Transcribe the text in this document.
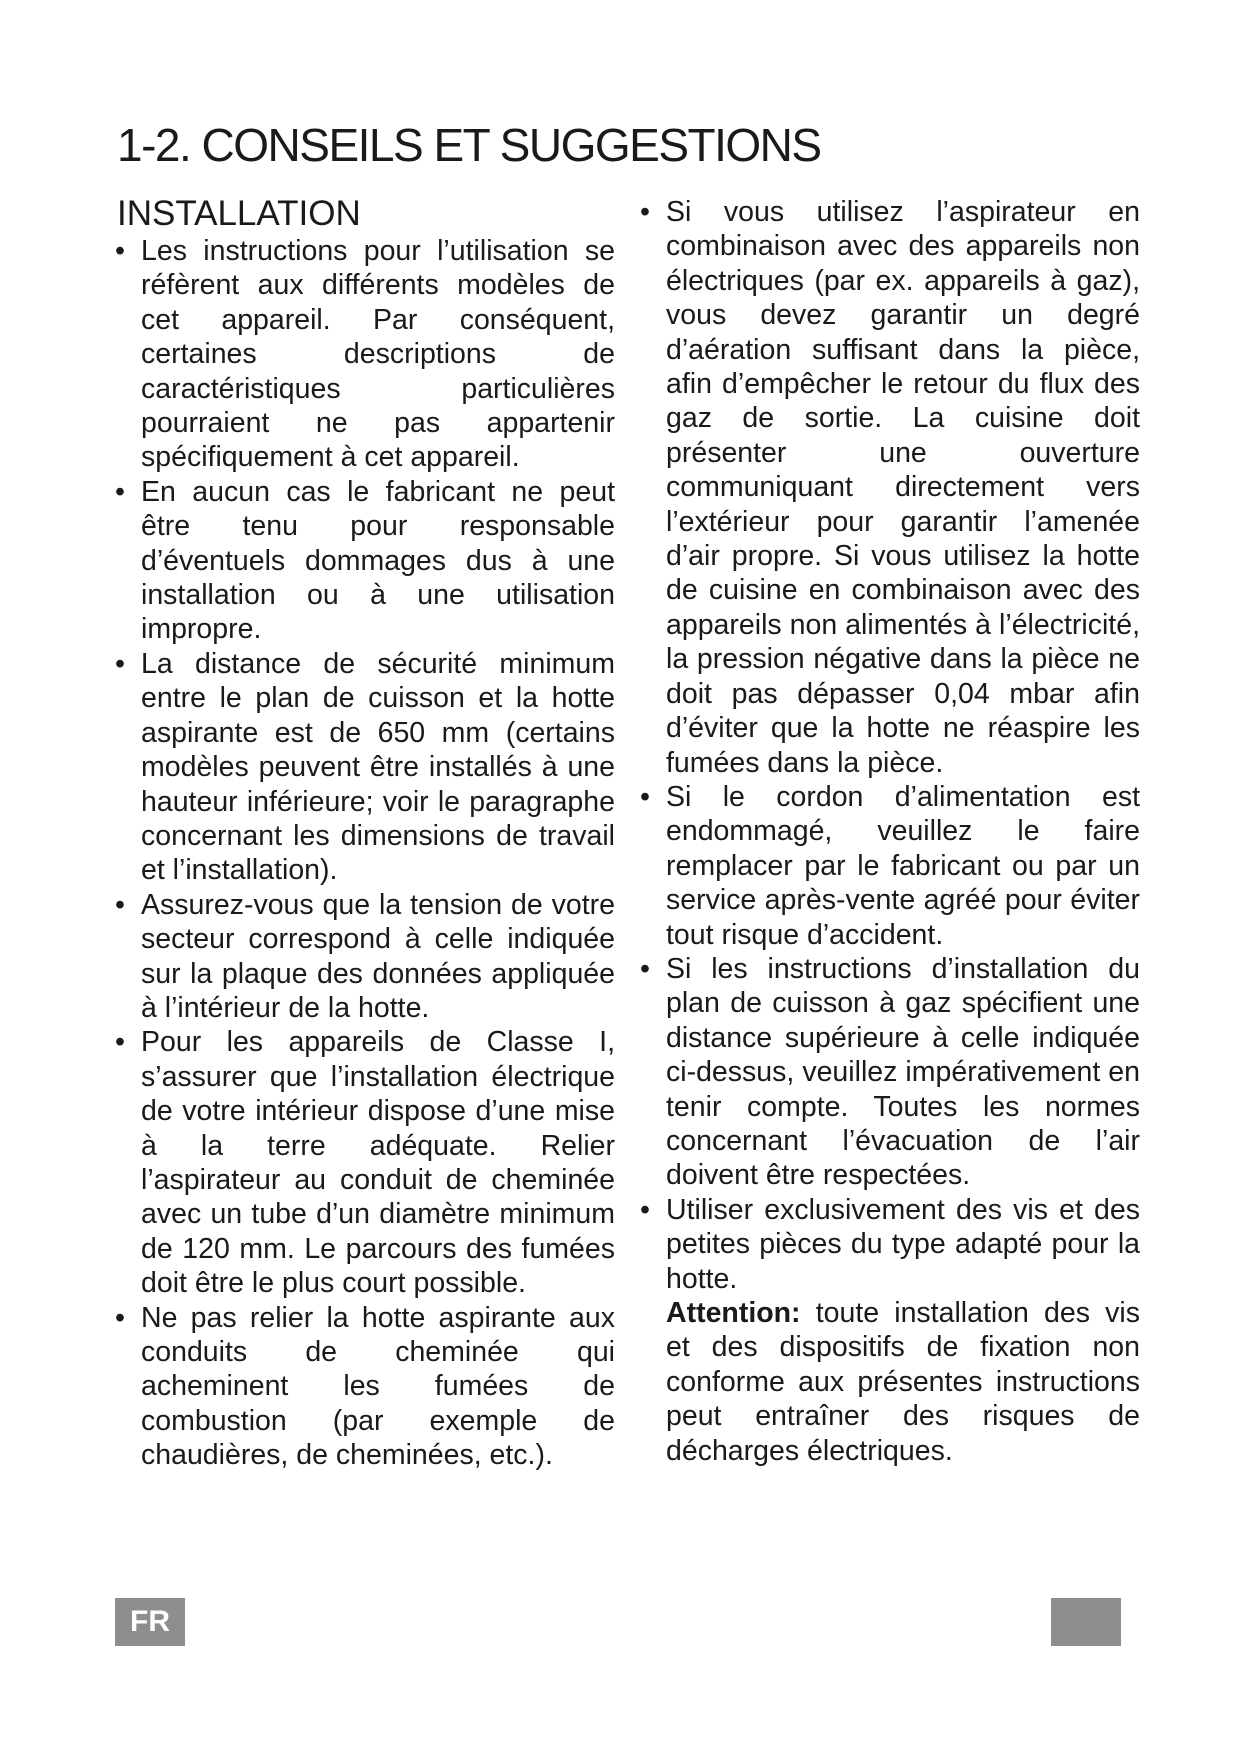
1-2. CONSEILS ET SUGGESTIONS
INSTALLATION
• Les instructions pour l’utilisation se réfèrent aux différents modèles de cet appareil. Par conséquent, certaines descriptions de caractéristiques particulières pourraient ne pas appartenir spécifiquement à cet appareil.
• En aucun cas le fabricant ne peut être tenu pour responsable d’éventuels dommages dus à une installation ou à une utilisation impropre.
• La distance de sécurité minimum entre le plan de cuisson et la hotte aspirante est de 650 mm (certains modèles peuvent être installés à une hauteur inférieure; voir le paragraphe concernant les dimensions de travail et l’installation).
• Assurez-vous que la tension de votre secteur correspond à celle indiquée sur la plaque des données appliquée à l’intérieur de la hotte.
• Pour les appareils de Classe I, s’assurer que l’installation électrique de votre intérieur dispose d’une mise à la terre adéquate. Relier l’aspirateur au conduit de cheminée avec un tube d’un diamètre minimum de 120 mm. Le parcours des fumées doit être le plus court possible.
• Ne pas relier la hotte aspirante aux conduits de cheminée qui acheminent les fumées de combustion (par exemple de chaudières, de cheminées, etc.).
• Si vous utilisez l’aspirateur en combinaison avec des appareils non électriques (par ex. appareils à gaz), vous devez garantir un degré d’aération suffisant dans la pièce, afin d’empêcher le retour du flux des gaz de sortie. La cuisine doit présenter une ouverture communiquant directement vers l’extérieur pour garantir l’amenée d’air propre. Si vous utilisez la hotte de cuisine en combinaison avec des appareils non alimentés à l’électricité, la pression négative dans la pièce ne doit pas dépasser 0,04 mbar afin d’éviter que la hotte ne réaspire les fumées dans la pièce.
• Si le cordon d’alimentation est endommagé, veuillez le faire remplacer par le fabricant ou par un service après-vente agréé pour éviter tout risque d’accident.
• Si les instructions d’installation du plan de cuisson à gaz spécifient une distance supérieure à celle indiquée ci-dessus, veuillez impérativement en tenir compte. Toutes les normes concernant l’évacuation de l’air doivent être respectées.
• Utiliser exclusivement des vis et des petites pièces du type adapté pour la hotte.
Attention: toute installation des vis et des dispositifs de fixation non conforme aux présentes instructions peut entraîner des risques de décharges électriques.
FR
